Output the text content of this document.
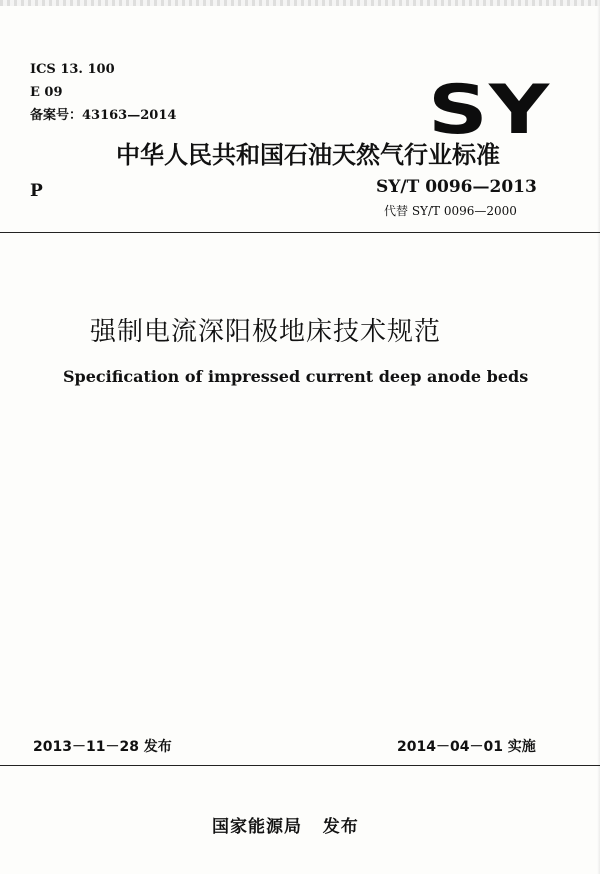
ICS 13. 100
E 09
备案号：43163—2014	SY
中华人民共和国石油天然气行业标准
P	SY/T 0096—2013
代替 SY/T 0096—2000
强制电流深阳极地床技术规范
Specification of impressed current deep anode beds
2013－11－28 发布	2014－04－01 实施
国家能源局   发布
